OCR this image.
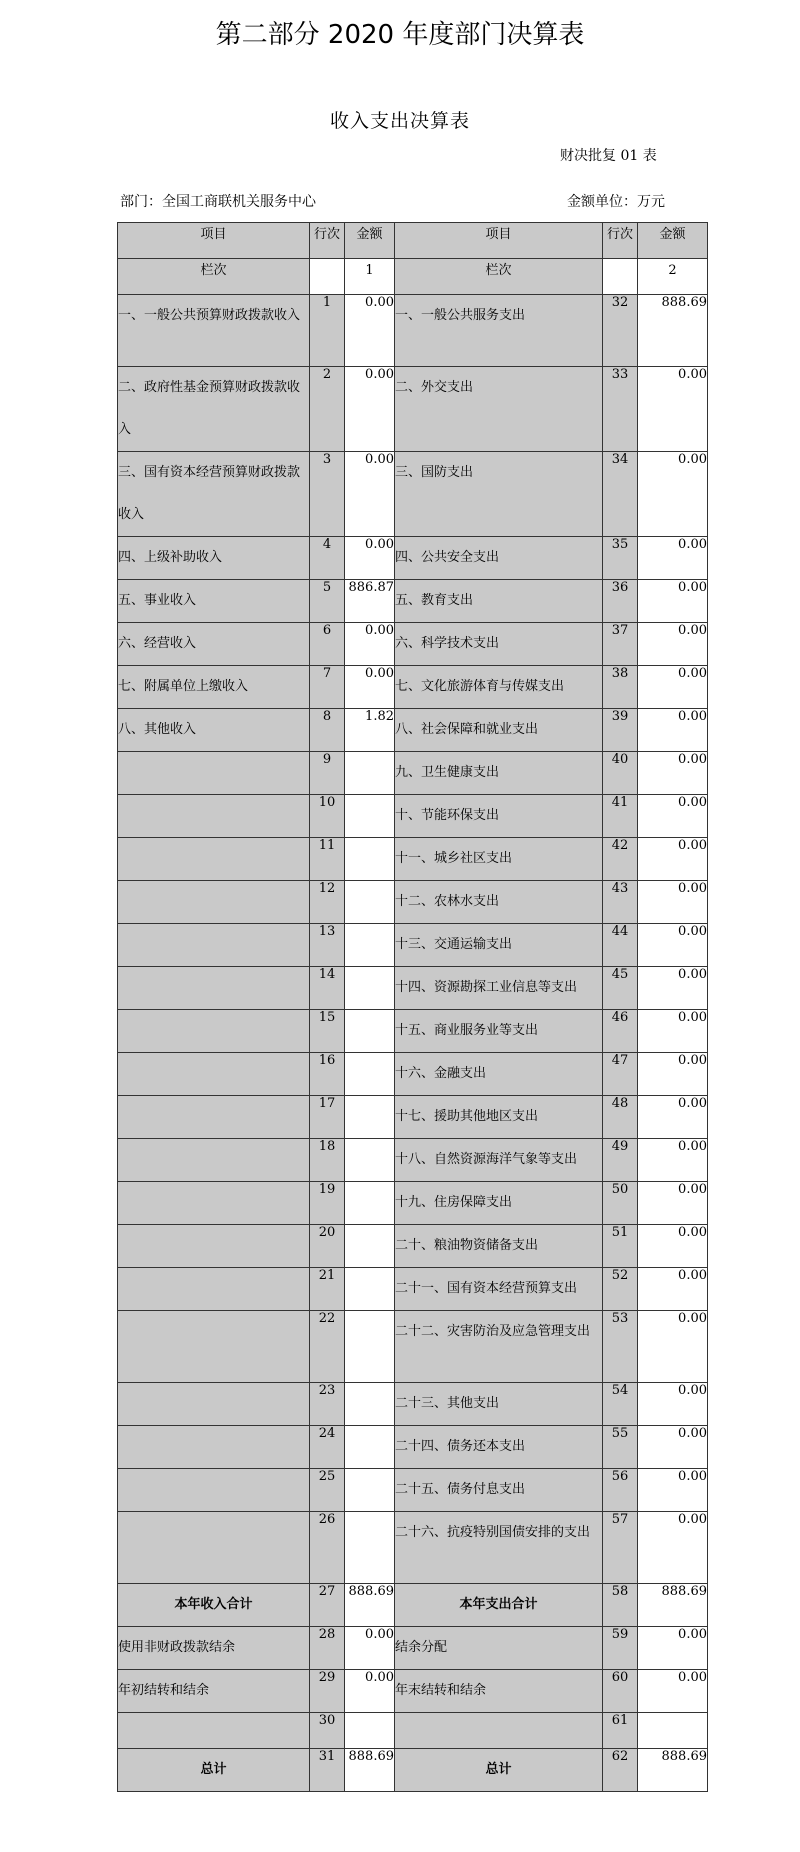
第二部分 2020 年度部门决算表
收入支出决算表
财决批复 01 表
部门：全国工商联机关服务中心	金额单位：万元
项目	行次	金额	项目	行次	金额
栏次		1	栏次		2
一、一般公共预算财政拨款收入	1	0.00	一、一般公共服务支出	32	888.69
二、政府性基金预算财政拨款收入	2	0.00	二、外交支出	33	0.00
三、国有资本经营预算财政拨款收入	3	0.00	三、国防支出	34	0.00
四、上级补助收入	4	0.00	四、公共安全支出	35	0.00
五、事业收入	5	886.87	五、教育支出	36	0.00
六、经营收入	6	0.00	六、科学技术支出	37	0.00
七、附属单位上缴收入	7	0.00	七、文化旅游体育与传媒支出	38	0.00
八、其他收入	8	1.82	八、社会保障和就业支出	39	0.00
	9		九、卫生健康支出	40	0.00
	10		十、节能环保支出	41	0.00
	11		十一、城乡社区支出	42	0.00
	12		十二、农林水支出	43	0.00
	13		十三、交通运输支出	44	0.00
	14		十四、资源勘探工业信息等支出	45	0.00
	15		十五、商业服务业等支出	46	0.00
	16		十六、金融支出	47	0.00
	17		十七、援助其他地区支出	48	0.00
	18		十八、自然资源海洋气象等支出	49	0.00
	19		十九、住房保障支出	50	0.00
	20		二十、粮油物资储备支出	51	0.00
	21		二十一、国有资本经营预算支出	52	0.00
	22		二十二、灾害防治及应急管理支出	53	0.00
	23		二十三、其他支出	54	0.00
	24		二十四、债务还本支出	55	0.00
	25		二十五、债务付息支出	56	0.00
	26		二十六、抗疫特别国债安排的支出	57	0.00
本年收入合计	27	888.69	本年支出合计	58	888.69
使用非财政拨款结余	28	0.00	结余分配	59	0.00
年初结转和结余	29	0.00	年末结转和结余	60	0.00
	30			61	
总计	31	888.69	总计	62	888.69
